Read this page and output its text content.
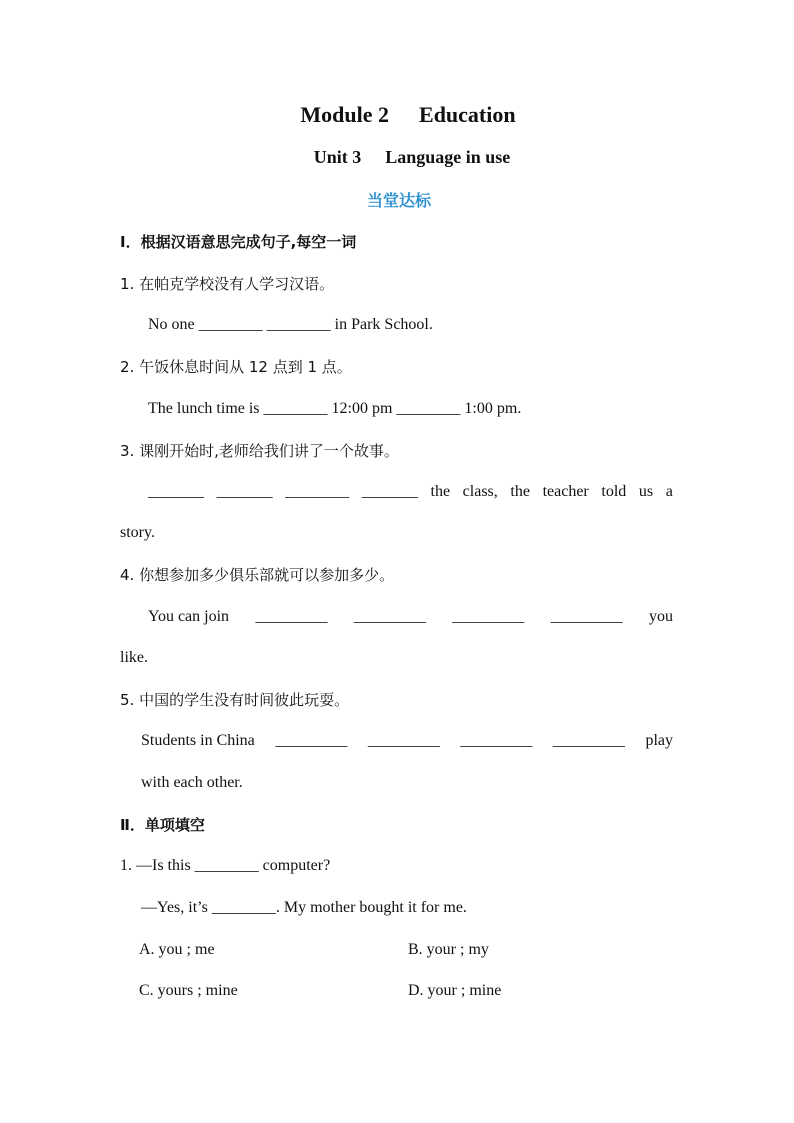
Module 2 Education
Unit 3 Language in use
当堂达标
Ⅰ．根据汉语意思完成句子,每空一词
1. 在帕克学校没有人学习汉语。
No one ________ ________ in Park School.
2. 午饭休息时间从 12 点到 1 点。
The lunch time is ________ 12:00 pm ________ 1:00 pm.
3. 课刚开始时,老师给我们讲了一个故事。
_______ _______ ________ _______ the class, the teacher told us a
story.
4. 你想参加多少俱乐部就可以参加多少。
You can join _________ _________ _________ _________ you
like.
5. 中国的学生没有时间彼此玩耍。
Students in China _________ _________ _________ _________ play
with each other.
Ⅱ．单项填空
1. —Is this ________ computer?
—Yes, it’s ________. My mother bought it for me.
A. you ; me	B. your ; my
C. yours ; mine	D. your ; mine
